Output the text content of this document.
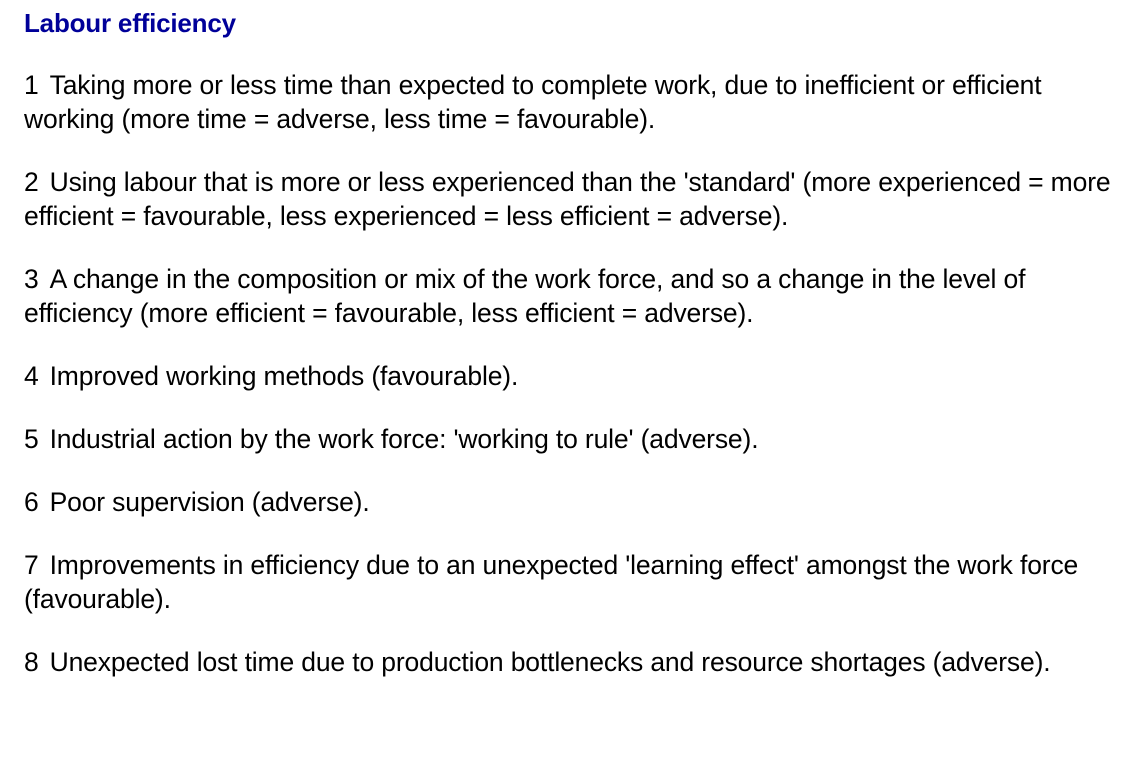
Labour efficiency

1 Taking more or less time than expected to complete work, due to inefficient or efficient working (more time = adverse, less time = favourable).

2 Using labour that is more or less experienced than the 'standard' (more experienced = more efficient = favourable, less experienced = less efficient = adverse).

3 A change in the composition or mix of the work force, and so a change in the level of efficiency (more efficient = favourable, less efficient = adverse).

4 Improved working methods (favourable).

5 Industrial action by the work force: 'working to rule' (adverse).

6 Poor supervision (adverse).

7 Improvements in efficiency due to an unexpected 'learning effect' amongst the work force (favourable).

8 Unexpected lost time due to production bottlenecks and resource shortages (adverse).
